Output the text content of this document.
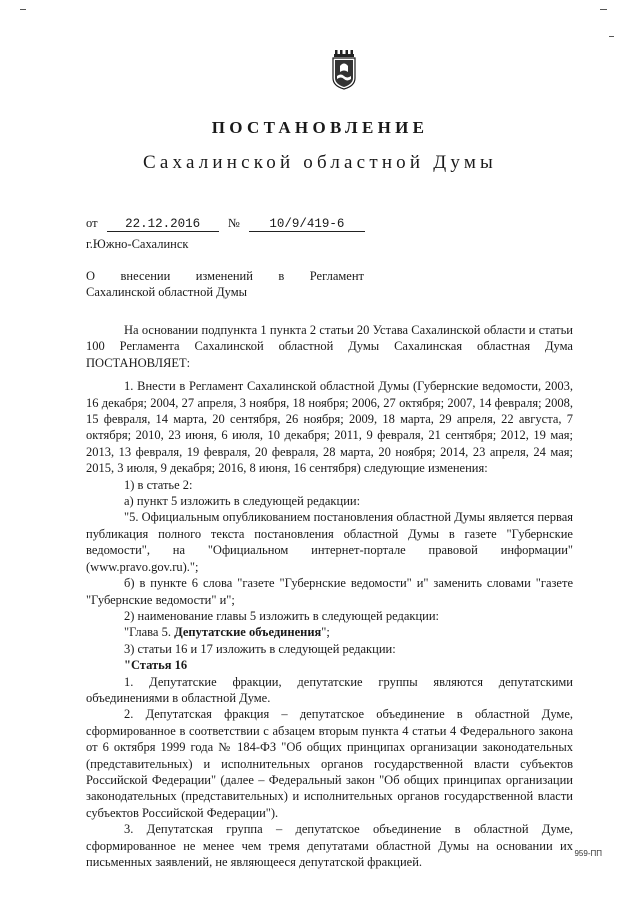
ПОСТАНОВЛЕНИЕ
Сахалинской областной Думы
от 22.12.2016 № 10/9/419-6
г.Южно-Сахалинск
О внесении изменений в Регламент
Сахалинской областной Думы

На основании подпункта 1 пункта 2 статьи 20 Устава Сахалинской области и статьи 100 Регламента Сахалинской областной Думы Сахалинская областная Дума ПОСТАНОВЛЯЕТ:

1. Внести в Регламент Сахалинской областной Думы (Губернские ведомости, 2003, 16 декабря; 2004, 27 апреля, 3 ноября, 18 ноября; 2006, 27 октября; 2007, 14 февраля; 2008, 15 февраля, 14 марта, 20 сентября, 26 ноября; 2009, 18 марта, 29 апреля, 22 августа, 7 октября; 2010, 23 июня, 6 июля, 10 декабря; 2011, 9 февраля, 21 сентября; 2012, 19 мая; 2013, 13 февраля, 19 февраля, 20 февраля, 28 марта, 20 ноября; 2014, 23 апреля, 24 мая; 2015, 3 июля, 9 декабря; 2016, 8 июня, 16 сентября) следующие изменения:

1) в статье 2:

а) пункт 5 изложить в следующей редакции:

"5. Официальным опубликованием постановления областной Думы является первая публикация полного текста постановления областной Думы в газете "Губернские ведомости", на "Официальном интернет-портале правовой информации" (www.pravo.gov.ru).";

б) в пункте 6 слова "газете "Губернские ведомости" и" заменить словами "газете "Губернские ведомости" и";

2) наименование главы 5 изложить в следующей редакции:

"Глава 5. Депутатские объединения";

3) статьи 16 и 17 изложить в следующей редакции:

"Статья 16

1. Депутатские фракции, депутатские группы являются депутатскими объединениями в областной Думе.

2. Депутатская фракция – депутатское объединение в областной Думе, сформированное в соответствии с абзацем вторым пункта 4 статьи 4 Федерального закона от 6 октября 1999 года № 184-ФЗ "Об общих принципах организации законодательных (представительных) и исполнительных органов государственной власти субъектов Российской Федерации" (далее – Федеральный закон "Об общих принципах организации законодательных (представительных) и исполнительных органов государственной власти субъектов Российской Федерации").

3. Депутатская группа – депутатское объединение в областной Думе, сформированное не менее чем тремя депутатами областной Думы на основании их письменных заявлений, не являющееся депутатской фракцией.

959-ПП
